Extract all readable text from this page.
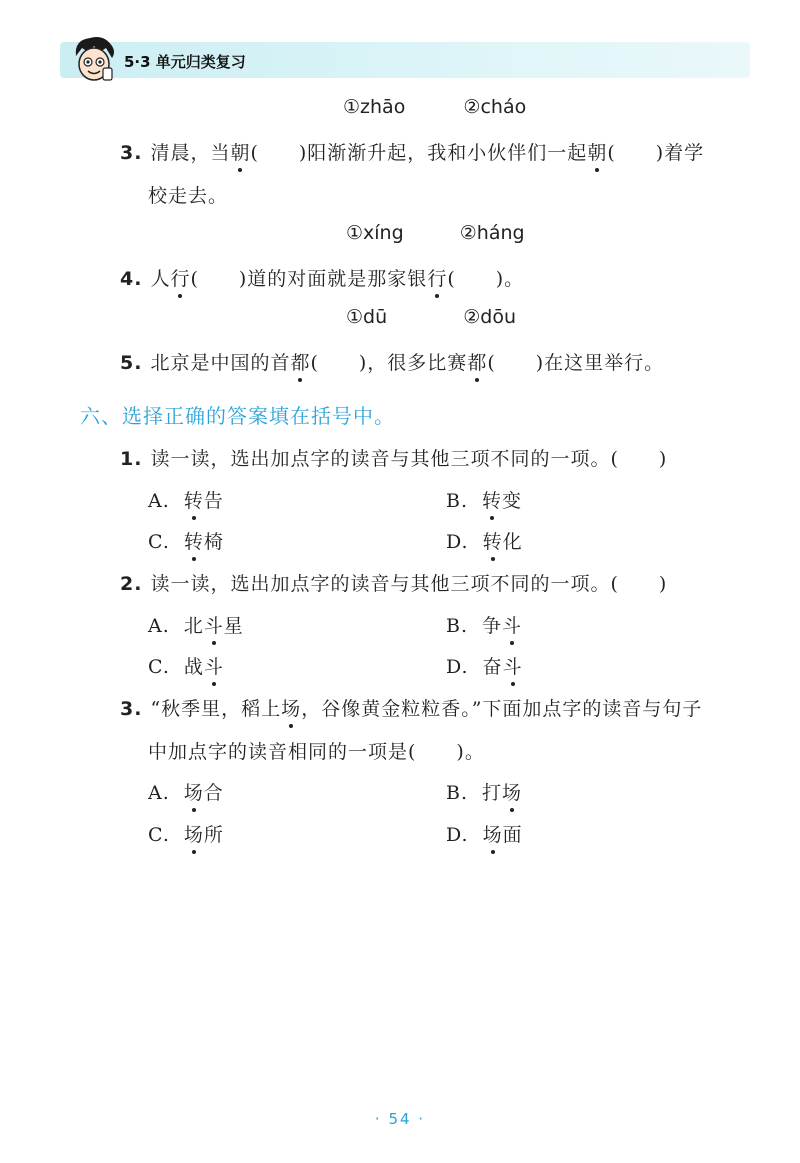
5·3 单元归类复习
①zhāo	②cháo
3. 清晨，当朝(　　)阳渐渐升起，我和小伙伴们一起朝(　　)着学
校走去。
①xíng	②háng
4. 人行(　　)道的对面就是那家银行(　　)。
①dū	②dōu
5. 北京是中国的首都(　　)，很多比赛都(　　)在这里举行。
六、选择正确的答案填在括号中。
1. 读一读，选出加点字的读音与其他三项不同的一项。(　　)
A. 转告	B. 转变
C. 转椅	D. 转化
2. 读一读，选出加点字的读音与其他三项不同的一项。(　　)
A. 北斗星	B. 争斗
C. 战斗	D. 奋斗
3. “秋季里，稻上场，谷像黄金粒粒香。”下面加点字的读音与句子
中加点字的读音相同的一项是(　　)。
A. 场合	B. 打场
C. 场所	D. 场面
· 54 ·
